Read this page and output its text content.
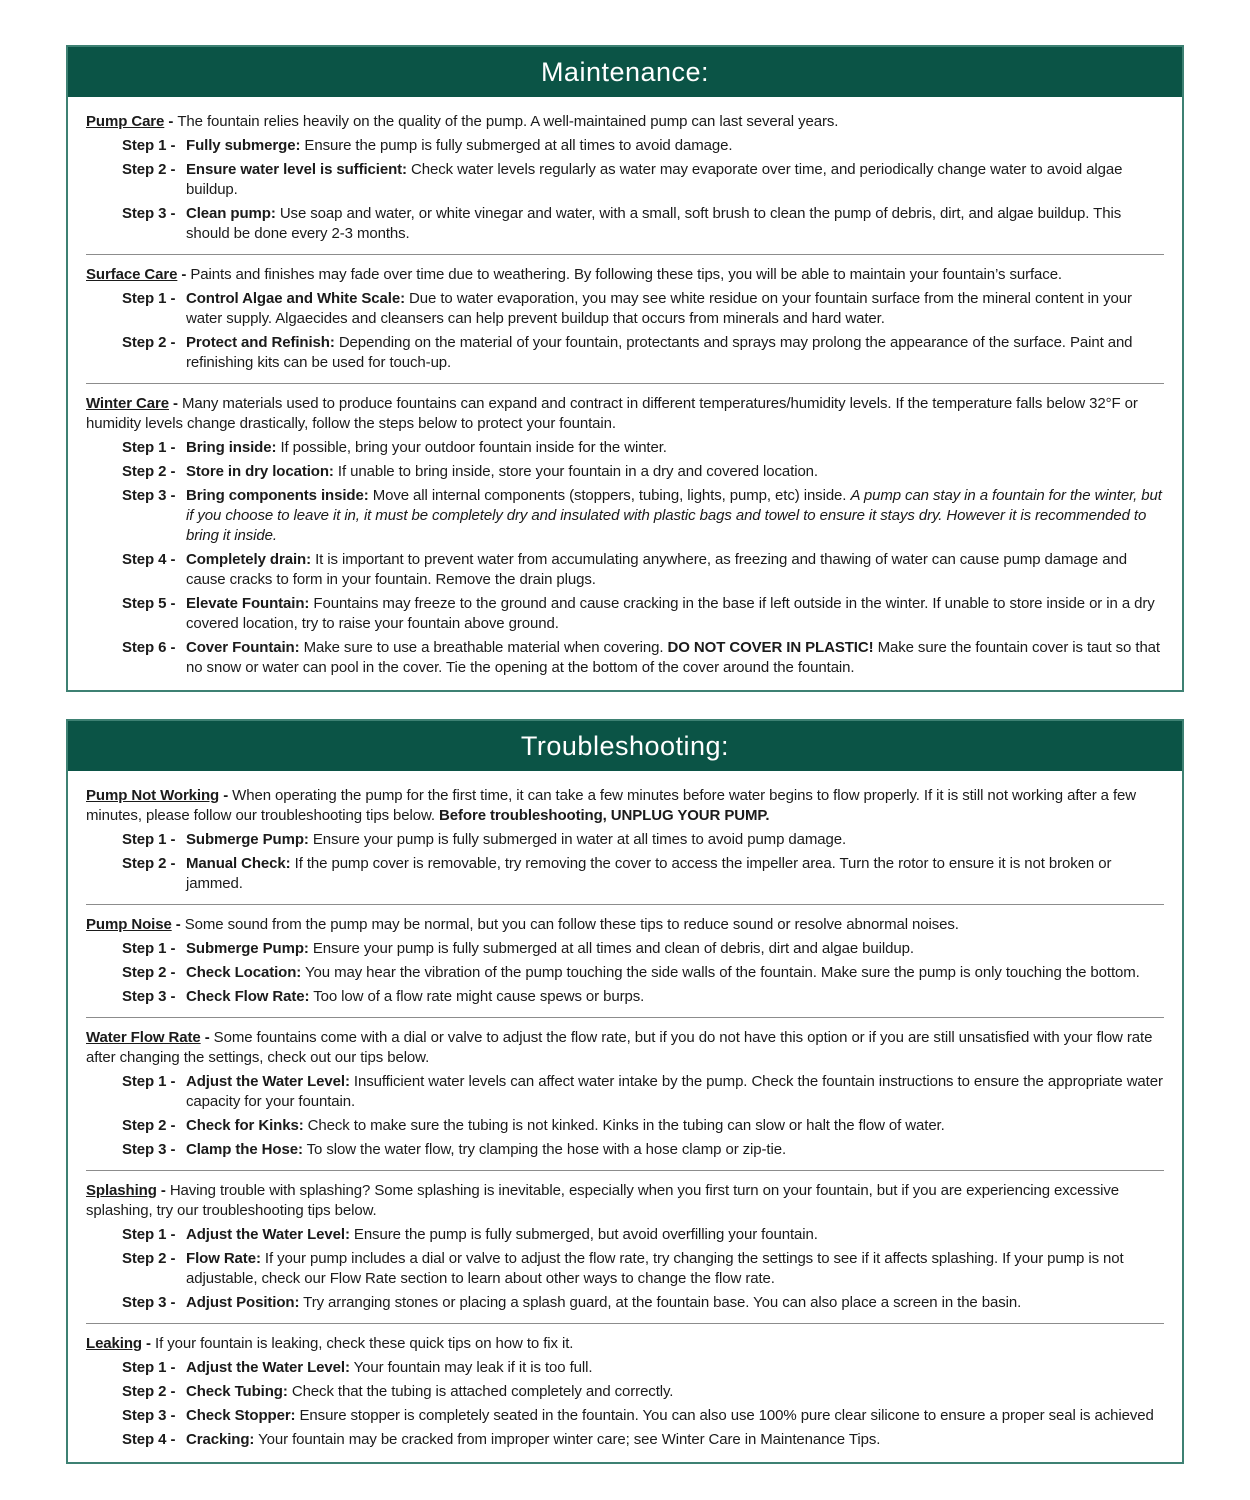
Maintenance:

Pump Care - The fountain relies heavily on the quality of the pump. A well-maintained pump can last several years.

Step 1 - Fully submerge: Ensure the pump is fully submerged at all times to avoid damage.
Step 2 - Ensure water level is sufficient: Check water levels regularly as water may evaporate over time, and periodically change water to avoid algae buildup.
Step 3 - Clean pump: Use soap and water, or white vinegar and water, with a small, soft brush to clean the pump of debris, dirt, and algae buildup. This should be done every 2-3 months.

Surface Care - Paints and finishes may fade over time due to weathering. By following these tips, you will be able to maintain your fountain’s surface.

Step 1 - Control Algae and White Scale: Due to water evaporation, you may see white residue on your fountain surface from the mineral content in your water supply. Algaecides and cleansers can help prevent buildup that occurs from minerals and hard water.
Step 2 - Protect and Refinish: Depending on the material of your fountain, protectants and sprays may prolong the appearance of the surface. Paint and refinishing kits can be used for touch-up.

Winter Care - Many materials used to produce fountains can expand and contract in different temperatures/humidity levels. If the temperature falls below 32°F or humidity levels change drastically, follow the steps below to protect your fountain.

Step 1 - Bring inside: If possible, bring your outdoor fountain inside for the winter.
Step 2 - Store in dry location: If unable to bring inside, store your fountain in a dry and covered location.
Step 3 - Bring components inside: Move all internal components (stoppers, tubing, lights, pump, etc) inside. A pump can stay in a fountain for the winter, but if you choose to leave it in, it must be completely dry and insulated with plastic bags and towel to ensure it stays dry. However it is recommended to bring it inside.
Step 4 - Completely drain: It is important to prevent water from accumulating anywhere, as freezing and thawing of water can cause pump damage and cause cracks to form in your fountain. Remove the drain plugs.
Step 5 - Elevate Fountain: Fountains may freeze to the ground and cause cracking in the base if left outside in the winter. If unable to store inside or in a dry covered location, try to raise your fountain above ground.
Step 6 - Cover Fountain: Make sure to use a breathable material when covering. DO NOT COVER IN PLASTIC! Make sure the fountain cover is taut so that no snow or water can pool in the cover. Tie the opening at the bottom of the cover around the fountain.
Troubleshooting:

Pump Not Working - When operating the pump for the first time, it can take a few minutes before water begins to flow properly. If it is still not working after a few minutes, please follow our troubleshooting tips below. Before troubleshooting, UNPLUG YOUR PUMP.

Step 1 - Submerge Pump: Ensure your pump is fully submerged in water at all times to avoid pump damage.
Step 2 - Manual Check: If the pump cover is removable, try removing the cover to access the impeller area. Turn the rotor to ensure it is not broken or jammed.

Pump Noise - Some sound from the pump may be normal, but you can follow these tips to reduce sound or resolve abnormal noises.

Step 1 - Submerge Pump: Ensure your pump is fully submerged at all times and clean of debris, dirt and algae buildup.
Step 2 - Check Location: You may hear the vibration of the pump touching the side walls of the fountain. Make sure the pump is only touching the bottom.
Step 3 - Check Flow Rate: Too low of a flow rate might cause spews or burps.

Water Flow Rate - Some fountains come with a dial or valve to adjust the flow rate, but if you do not have this option or if you are still unsatisfied with your flow rate after changing the settings, check out our tips below.

Step 1 - Adjust the Water Level: Insufficient water levels can affect water intake by the pump. Check the fountain instructions to ensure the appropriate water capacity for your fountain.
Step 2 - Check for Kinks: Check to make sure the tubing is not kinked. Kinks in the tubing can slow or halt the flow of water.
Step 3 - Clamp the Hose: To slow the water flow, try clamping the hose with a hose clamp or zip-tie.

Splashing - Having trouble with splashing? Some splashing is inevitable, especially when you first turn on your fountain, but if you are experiencing excessive splashing, try our troubleshooting tips below.

Step 1 - Adjust the Water Level: Ensure the pump is fully submerged, but avoid overfilling your fountain.
Step 2 - Flow Rate: If your pump includes a dial or valve to adjust the flow rate, try changing the settings to see if it affects splashing. If your pump is not adjustable, check our Flow Rate section to learn about other ways to change the flow rate.
Step 3 - Adjust Position: Try arranging stones or placing a splash guard, at the fountain base. You can also place a screen in the basin.

Leaking - If your fountain is leaking, check these quick tips on how to fix it.

Step 1 - Adjust the Water Level: Your fountain may leak if it is too full.
Step 2 - Check Tubing: Check that the tubing is attached completely and correctly.
Step 3 - Check Stopper: Ensure stopper is completely seated in the fountain. You can also use 100% pure clear silicone to ensure a proper seal is achieved
Step 4 - Cracking: Your fountain may be cracked from improper winter care; see Winter Care in Maintenance Tips.
